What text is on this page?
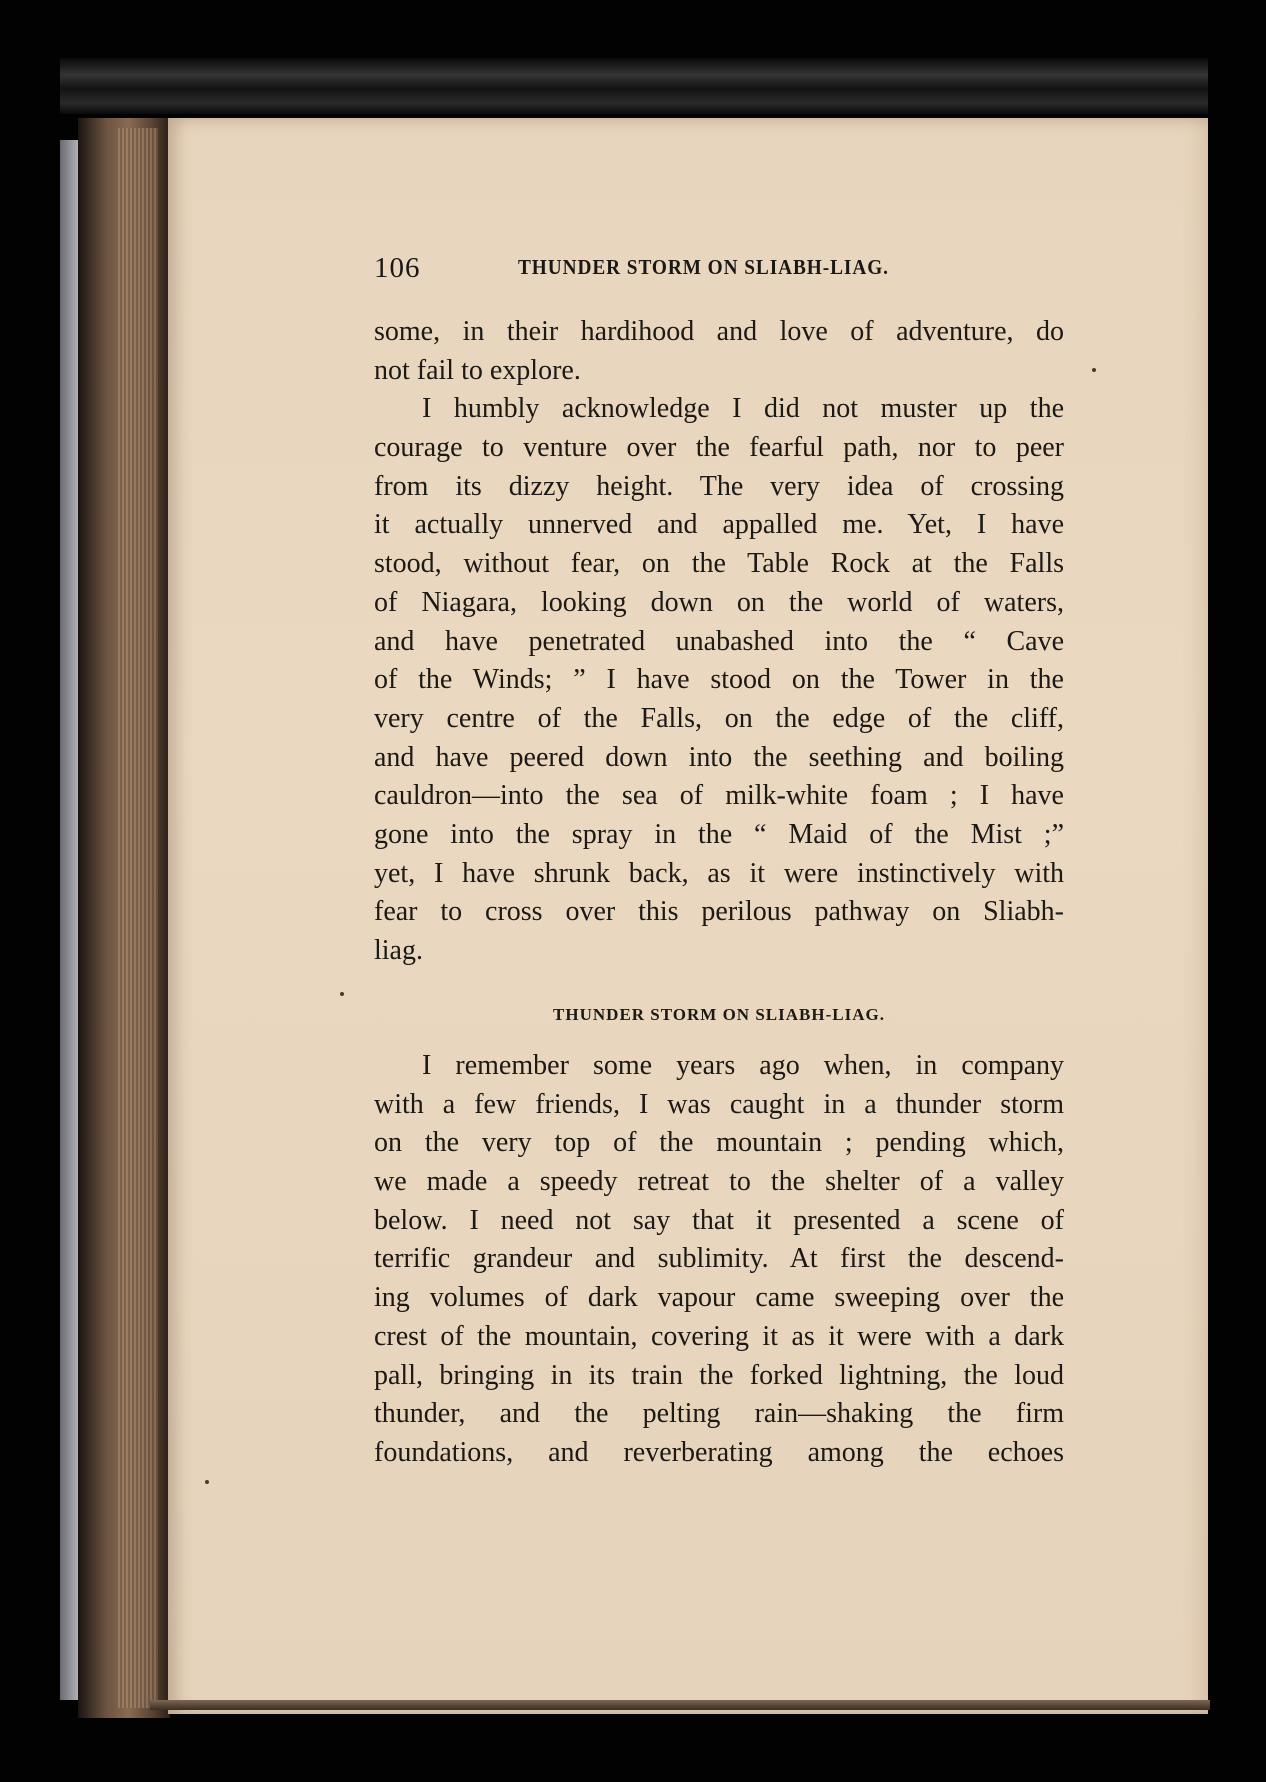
106	THUNDER STORM ON SLIABH-LIAG.
some, in their hardihood and love of adventure, do
not fail to explore.
I humbly acknowledge I did not muster up the
courage to venture over the fearful path, nor to peer
from its dizzy height. The very idea of crossing
it actually unnerved and appalled me. Yet, I have
stood, without fear, on the Table Rock at the Falls
of Niagara, looking down on the world of waters,
and have penetrated unabashed into the “ Cave
of the Winds; ” I have stood on the Tower in the
very centre of the Falls, on the edge of the cliff,
and have peered down into the seething and boiling
cauldron—into the sea of milk-white foam ; I have
gone into the spray in the “ Maid of the Mist ;”
yet, I have shrunk back, as it were instinctively with
fear to cross over this perilous pathway on Sliabh-
liag.
THUNDER STORM ON SLIABH-LIAG.
I remember some years ago when, in company
with a few friends, I was caught in a thunder storm
on the very top of the mountain ; pending which,
we made a speedy retreat to the shelter of a valley
below. I need not say that it presented a scene of
terrific grandeur and sublimity. At first the descend-
ing volumes of dark vapour came sweeping over the
crest of the mountain, covering it as it were with a dark
pall, bringing in its train the forked lightning, the loud
thunder, and the pelting rain—shaking the firm
foundations, and reverberating among the echoes
